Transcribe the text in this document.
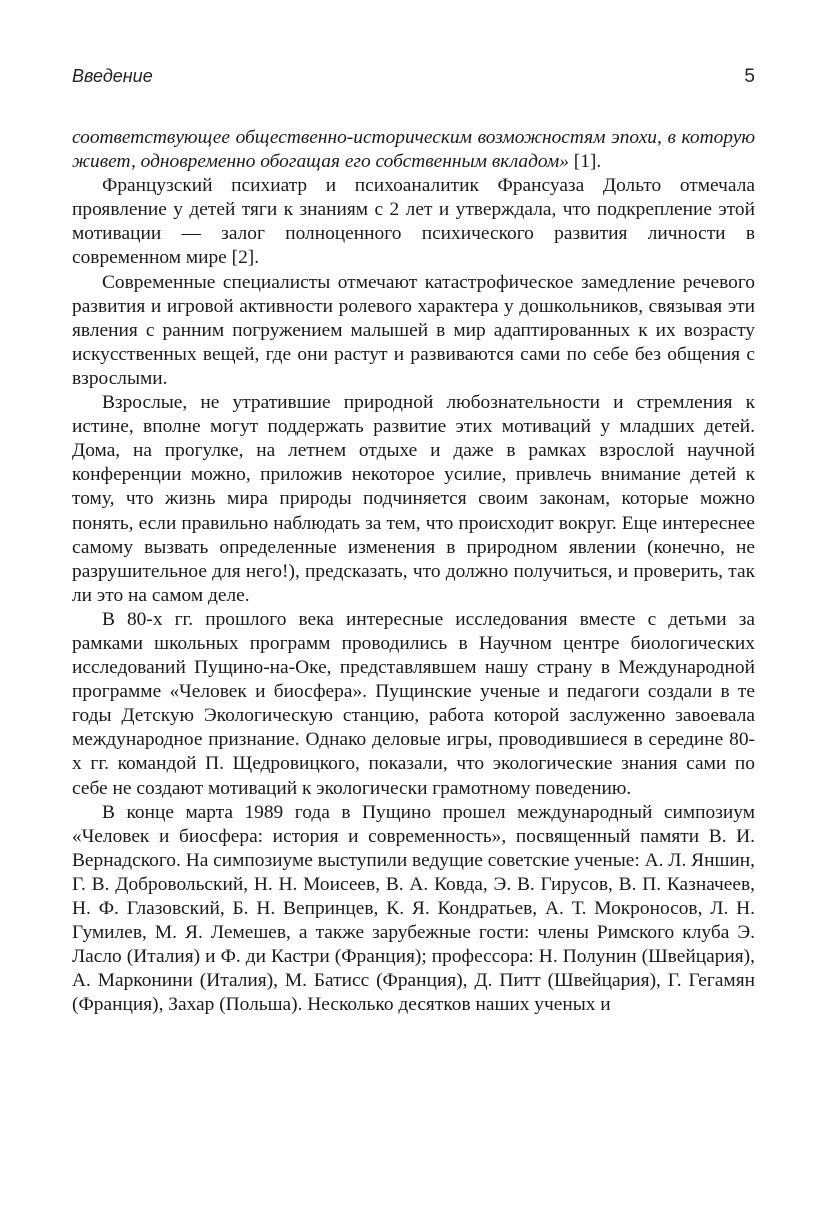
Введение	5

соответствующее общественно-историческим возможностям эпохи, в которую живет, одновременно обогащая его собственным вкладом» [1].

Французский психиатр и психоаналитик Франсуаза Дольто отмечала проявление у детей тяги к знаниям с 2 лет и утверждала, что подкрепление этой мотивации — залог полноценного психического развития личности в современном мире [2].

Современные специалисты отмечают катастрофическое замедление речевого развития и игровой активности ролевого характера у дошкольников, связывая эти явления с ранним погружением малышей в мир адаптированных к их возрасту искусственных вещей, где они растут и развиваются сами по себе без общения с взрослыми.

Взрослые, не утратившие природной любознательности и стремления к истине, вполне могут поддержать развитие этих мотиваций у младших детей. Дома, на прогулке, на летнем отдыхе и даже в рамках взрослой научной конференции можно, приложив некоторое усилие, привлечь внимание детей к тому, что жизнь мира природы подчиняется своим законам, которые можно понять, если правильно наблюдать за тем, что происходит вокруг. Еще интереснее самому вызвать определенные изменения в природном явлении (конечно, не разрушительное для него!), предсказать, что должно получиться, и проверить, так ли это на самом деле.

В 80-х гг. прошлого века интересные исследования вместе с детьми за рамками школьных программ проводились в Научном центре биологических исследований Пущино-на-Оке, представлявшем нашу страну в Международной программе «Человек и биосфера». Пущинские ученые и педагоги создали в те годы Детскую Экологическую станцию, работа которой заслуженно завоевала международное признание. Однако деловые игры, проводившиеся в середине 80-х гг. командой П. Щедровицкого, показали, что экологические знания сами по себе не создают мотиваций к экологически грамотному поведению.

В конце марта 1989 года в Пущино прошел международный симпозиум «Человек и биосфера: история и современность», посвященный памяти В. И. Вернадского. На симпозиуме выступили ведущие советские ученые: А. Л. Яншин, Г. В. Добровольский, Н. Н. Моисеев, В. А. Ковда, Э. В. Гирусов, В. П. Казначеев, Н. Ф. Глазовский, Б. Н. Вепринцев, К. Я. Кондратьев, А. Т. Мокроносов, Л. Н. Гумилев, М. Я. Лемешев, а также зарубежные гости: члены Римского клуба Э. Ласло (Италия) и Ф. ди Кастри (Франция); профессора: Н. Полунин (Швейцария), А. Марконини (Италия), М. Батисс (Франция), Д. Питт (Швейцария), Г. Гегамян (Франция), Захар (Польша). Несколько десятков наших ученых и
